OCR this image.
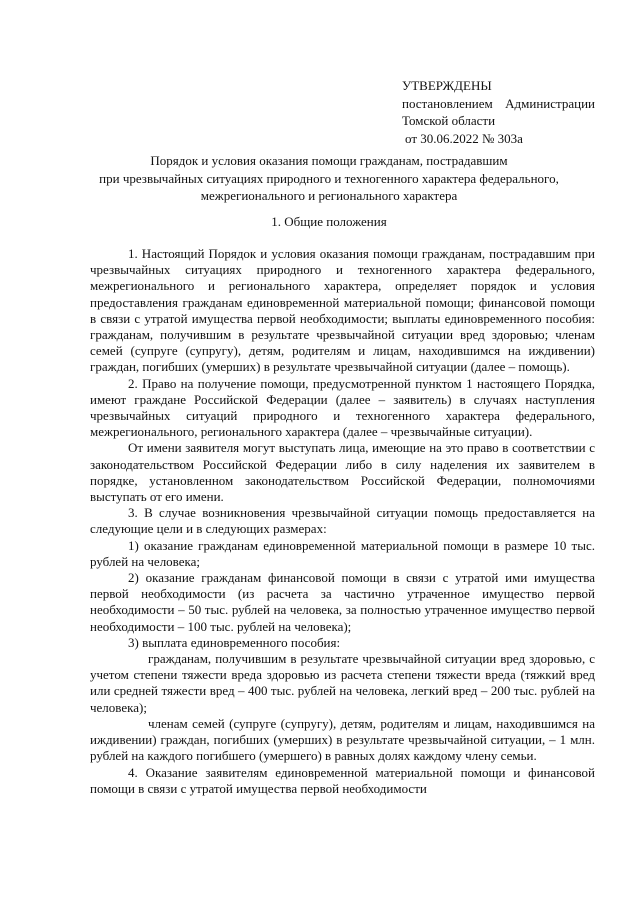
УТВЕРЖДЕНЫ
постановлением Администрации
Томской области
от 30.06.2022 № 303а
Порядок и условия оказания помощи гражданам, пострадавшим
при чрезвычайных ситуациях природного и техногенного характера федерального,
межрегионального и регионального характера
1. Общие положения

1. Настоящий Порядок и условия оказания помощи гражданам, пострадавшим при чрезвычайных ситуациях природного и техногенного характера федерального, межрегионального и регионального характера, определяет порядок и условия предоставления гражданам единовременной материальной помощи; финансовой помощи в связи с утратой имущества первой необходимости; выплаты единовременного пособия: гражданам, получившим в результате чрезвычайной ситуации вред здоровью; членам семей (супруге (супругу), детям, родителям и лицам, находившимся на иждивении) граждан, погибших (умерших) в результате чрезвычайной ситуации (далее – помощь).

2. Право на получение помощи, предусмотренной пунктом 1 настоящего Порядка, имеют граждане Российской Федерации (далее – заявитель) в случаях наступления чрезвычайных ситуаций природного и техногенного характера федерального, межрегионального, регионального характера (далее – чрезвычайные ситуации).

От имени заявителя могут выступать лица, имеющие на это право в соответствии с законодательством Российской Федерации либо в силу наделения их заявителем в порядке, установленном законодательством Российской Федерации, полномочиями выступать от его имени.

3. В случае возникновения чрезвычайной ситуации помощь предоставляется на следующие цели и в следующих размерах:

1) оказание гражданам единовременной материальной помощи в размере 10 тыс. рублей на человека;

2) оказание гражданам финансовой помощи в связи с утратой ими имущества первой необходимости (из расчета за частично утраченное имущество первой необходимости – 50 тыс. рублей на человека, за полностью утраченное имущество первой необходимости – 100 тыс. рублей на человека);

3) выплата единовременного пособия:

гражданам, получившим в результате чрезвычайной ситуации вред здоровью, с учетом степени тяжести вреда здоровью из расчета степени тяжести вреда (тяжкий вред или средней тяжести вред – 400 тыс. рублей на человека, легкий вред – 200 тыс. рублей на человека);

членам семей (супруге (супругу), детям, родителям и лицам, находившимся на иждивении) граждан, погибших (умерших) в результате чрезвычайной ситуации, – 1 млн. рублей на каждого погибшего (умершего) в равных долях каждому члену семьи.

4. Оказание заявителям единовременной материальной помощи и финансовой помощи в связи с утратой имущества первой необходимости
